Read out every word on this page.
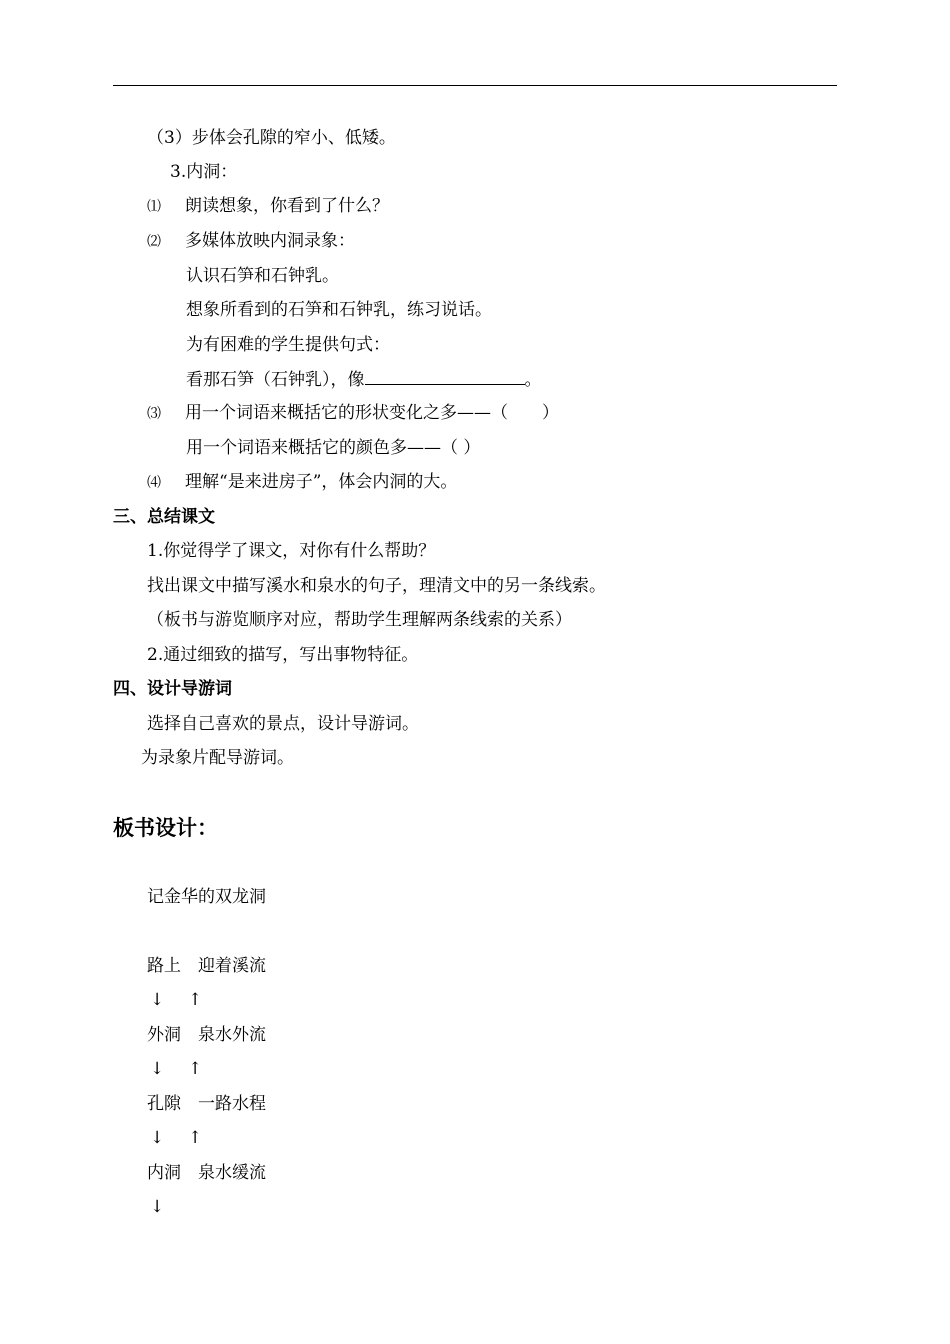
（3）步体会孔隙的窄小、低矮。
3.内洞：
⑴ 朗读想象，你看到了什么？
⑵ 多媒体放映内洞录象：
认识石笋和石钟乳。
想象所看到的石笋和石钟乳，练习说话。
为有困难的学生提供句式：
看那石笋（石钟乳），像	。
⑶ 用一个词语来概括它的形状变化之多——（　　）
用一个词语来概括它的颜色多——（ ）
⑷ 理解“是来进房子”，体会内洞的大。
三、总结课文
1.你觉得学了课文，对你有什么帮助？
找出课文中描写溪水和泉水的句子，理清文中的另一条线索。
（板书与游览顺序对应，帮助学生理解两条线索的关系）
2.通过细致的描写，写出事物特征。
四、设计导游词
选择自己喜欢的景点，设计导游词。
为录象片配导游词。
板书设计：
记金华的双龙洞
路上　 迎着溪流
↓ ↑
外洞　 泉水外流
↓ ↑
孔隙　 一路水程
↓ ↑
内洞　 泉水缓流
↓
